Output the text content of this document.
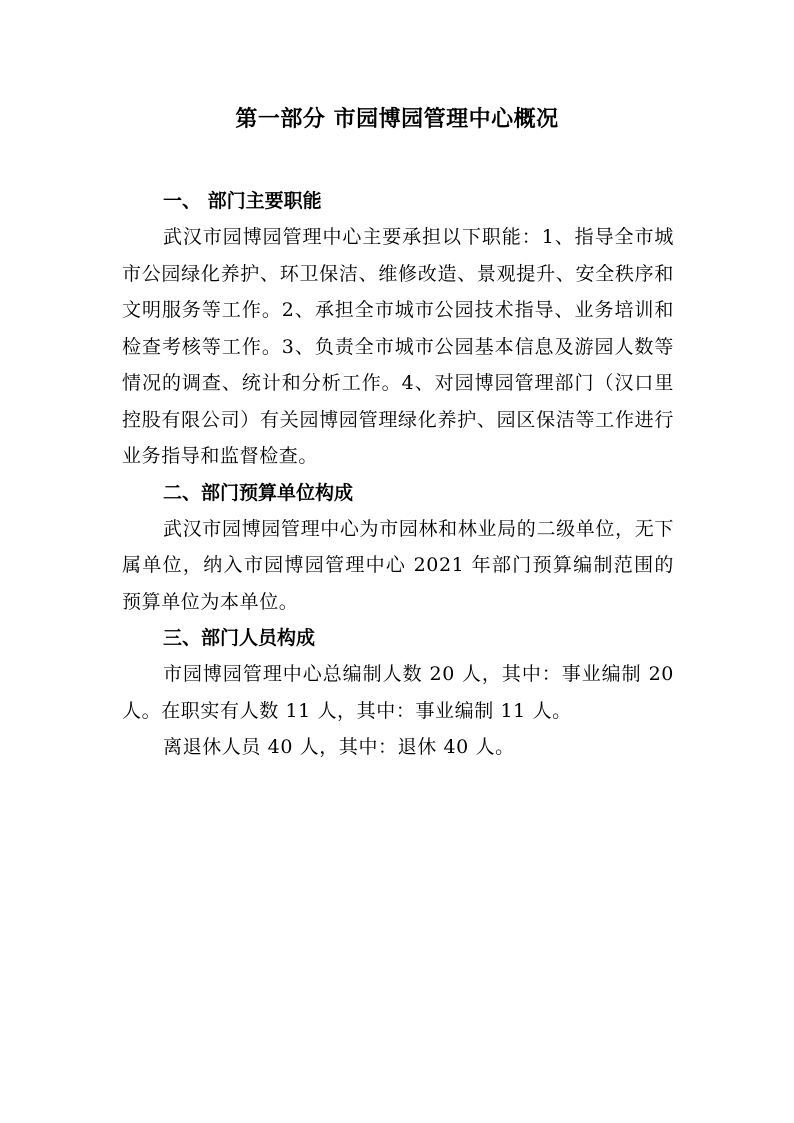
第一部分 市园博园管理中心概况

一、 部门主要职能

武汉市园博园管理中心主要承担以下职能：1、指导全市城市公园绿化养护、环卫保洁、维修改造、景观提升、安全秩序和文明服务等工作。2、承担全市城市公园技术指导、业务培训和检查考核等工作。3、负责全市城市公园基本信息及游园人数等情况的调查、统计和分析工作。4、对园博园管理部门（汉口里控股有限公司）有关园博园管理绿化养护、园区保洁等工作进行业务指导和监督检查。

二、部门预算单位构成

武汉市园博园管理中心为市园林和林业局的二级单位，无下属单位，纳入市园博园管理中心 2021 年部门预算编制范围的预算单位为本单位。

三、部门人员构成

市园博园管理中心总编制人数 20 人，其中：事业编制 20 人。在职实有人数 11 人，其中：事业编制 11 人。

离退休人员 40 人，其中：退休 40 人。
